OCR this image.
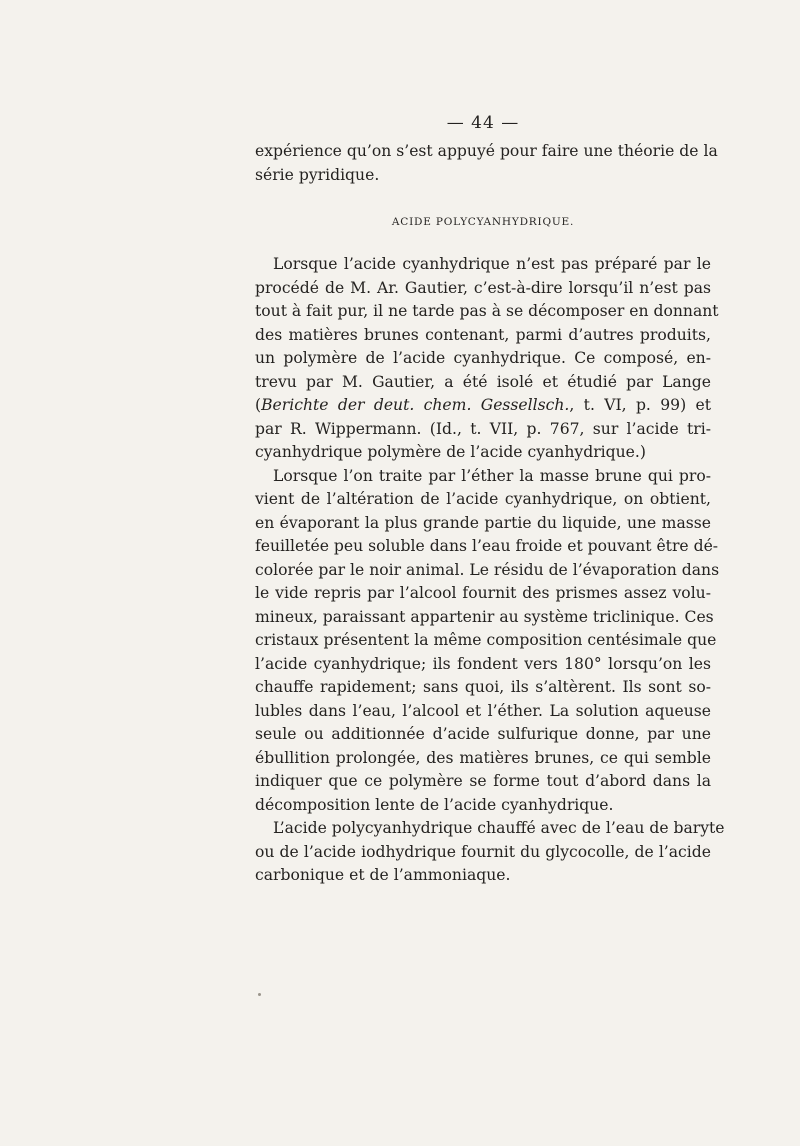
— 44 —
expérience qu’on s’est appuyé pour faire une théorie de la
série pyridique.
ACIDE POLYCYANHYDRIQUE.
Lorsque l’acide cyanhydrique n’est pas préparé par le
procédé de M. Ar. Gautier, c’est-à-dire lorsqu’il n’est pas
tout à fait pur, il ne tarde pas à se décomposer en donnant
des matières brunes contenant, parmi d’autres produits,
un polymère de l’acide cyanhydrique. Ce composé, en-
trevu par M. Gautier, a été isolé et étudié par Lange
(Berichte der deut. chem. Gessellsch., t. VI, p. 99) et
par R. Wippermann. (Id., t. VII, p. 767, sur l’acide tri-
cyanhydrique polymère de l’acide cyanhydrique.)
Lorsque l’on traite par l’éther la masse brune qui pro-
vient de l’altération de l’acide cyanhydrique, on obtient,
en évaporant la plus grande partie du liquide, une masse
feuilletée peu soluble dans l’eau froide et pouvant être dé-
colorée par le noir animal. Le résidu de l’évaporation dans
le vide repris par l’alcool fournit des prismes assez volu-
mineux, paraissant appartenir au système triclinique. Ces
cristaux présentent la même composition centésimale que
l’acide cyanhydrique; ils fondent vers 180° lorsqu’on les
chauffe rapidement; sans quoi, ils s’altèrent. Ils sont so-
lubles dans l’eau, l’alcool et l’éther. La solution aqueuse
seule ou additionnée d’acide sulfurique donne, par une
ébullition prolongée, des matières brunes, ce qui semble
indiquer que ce polymère se forme tout d’abord dans la
décomposition lente de l’acide cyanhydrique.
L’acide polycyanhydrique chauffé avec de l’eau de baryte
ou de l’acide iodhydrique fournit du glycocolle, de l’acide
carbonique et de l’ammoniaque.
